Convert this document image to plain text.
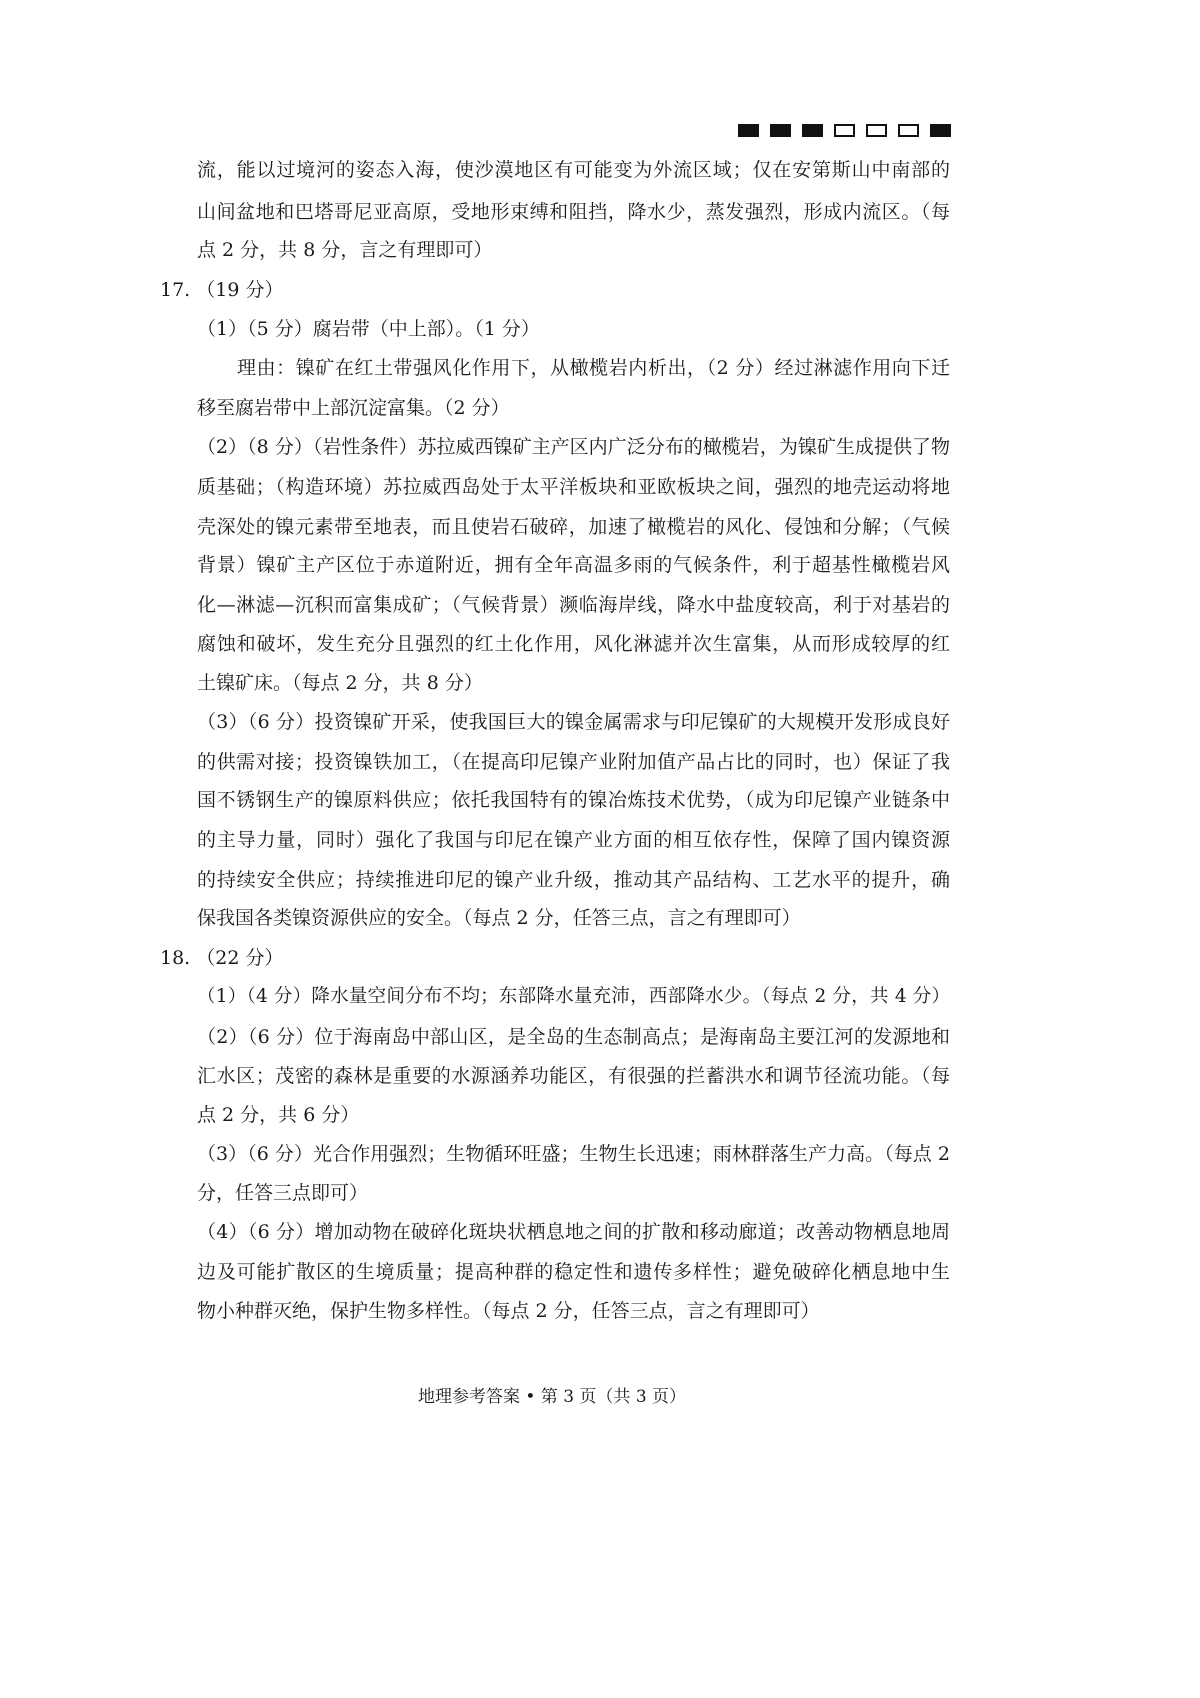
流，能以过境河的姿态入海，使沙漠地区有可能变为外流区域；仅在安第斯山中南部的
山间盆地和巴塔哥尼亚高原，受地形束缚和阻挡，降水少，蒸发强烈，形成内流区。（每
点 2 分，共 8 分，言之有理即可）
17. （19 分）
（1）（5 分）腐岩带（中上部）。（1 分）
理由：镍矿在红土带强风化作用下，从橄榄岩内析出，（2 分）经过淋滤作用向下迁
移至腐岩带中上部沉淀富集。（2 分）
（2）（8 分）（岩性条件）苏拉威西镍矿主产区内广泛分布的橄榄岩，为镍矿生成提供了物
质基础；（构造环境）苏拉威西岛处于太平洋板块和亚欧板块之间，强烈的地壳运动将地
壳深处的镍元素带至地表，而且使岩石破碎，加速了橄榄岩的风化、侵蚀和分解；（气候
背景）镍矿主产区位于赤道附近，拥有全年高温多雨的气候条件，利于超基性橄榄岩风
化—淋滤—沉积而富集成矿；（气候背景）濒临海岸线，降水中盐度较高，利于对基岩的
腐蚀和破坏，发生充分且强烈的红土化作用，风化淋滤并次生富集，从而形成较厚的红
土镍矿床。（每点 2 分，共 8 分）
（3）（6 分）投资镍矿开采，使我国巨大的镍金属需求与印尼镍矿的大规模开发形成良好
的供需对接；投资镍铁加工，（在提高印尼镍产业附加值产品占比的同时，也）保证了我
国不锈钢生产的镍原料供应；依托我国特有的镍冶炼技术优势，（成为印尼镍产业链条中
的主导力量，同时）强化了我国与印尼在镍产业方面的相互依存性，保障了国内镍资源
的持续安全供应；持续推进印尼的镍产业升级，推动其产品结构、工艺水平的提升，确
保我国各类镍资源供应的安全。（每点 2 分，任答三点，言之有理即可）
18. （22 分）
（1）（4 分）降水量空间分布不均；东部降水量充沛，西部降水少。（每点 2 分，共 4 分）
（2）（6 分）位于海南岛中部山区，是全岛的生态制高点；是海南岛主要江河的发源地和
汇水区；茂密的森林是重要的水源涵养功能区，有很强的拦蓄洪水和调节径流功能。（每
点 2 分，共 6 分）
（3）（6 分）光合作用强烈；生物循环旺盛；生物生长迅速；雨林群落生产力高。（每点 2
分，任答三点即可）
（4）（6 分）增加动物在破碎化斑块状栖息地之间的扩散和移动廊道；改善动物栖息地周
边及可能扩散区的生境质量；提高种群的稳定性和遗传多样性；避免破碎化栖息地中生
物小种群灭绝，保护生物多样性。（每点 2 分，任答三点，言之有理即可）
地理参考答案 • 第 3 页（共 3 页）
